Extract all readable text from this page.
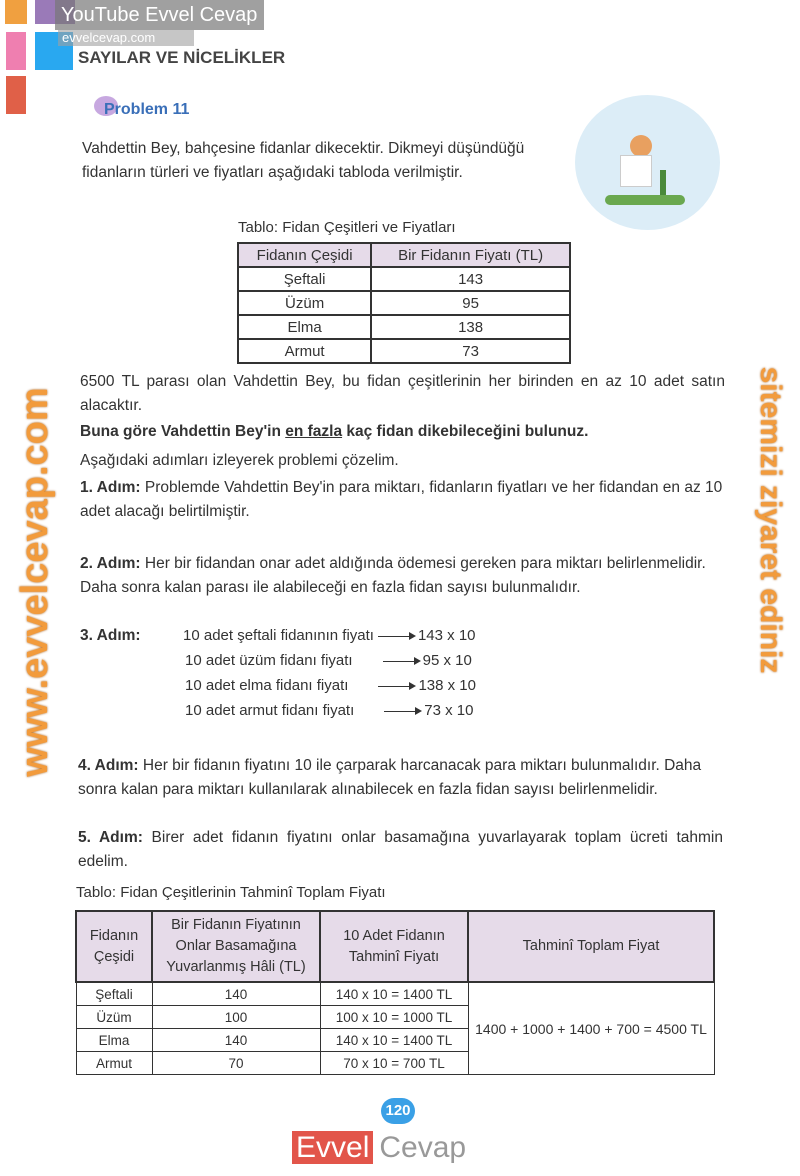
YouTube Evvel Cevap
evvelcevap.com
SAYILAR VE NİCELİKLER
Problem 11
Vahdettin Bey, bahçesine fidanlar dikecektir. Dikmeyi düşündüğü fidanların türleri ve fiyatları aşağıdaki tabloda verilmiştir.
Tablo: Fidan Çeşitleri ve Fiyatları
Fidanın Çeşidi	Bir Fidanın Fiyatı (TL)
Şeftali	143
Üzüm	95
Elma	138
Armut	73
6500 TL parası olan Vahdettin Bey, bu fidan çeşitlerinin her birinden en az 10 adet satın alacaktır.
Buna göre Vahdettin Bey'in en fazla kaç fidan dikebileceğini bulunuz.
Aşağıdaki adımları izleyerek problemi çözelim.
1. Adım: Problemde Vahdettin Bey'in para miktarı, fidanların fiyatları ve her fidandan en az 10 adet alacağı belirtilmiştir.
2. Adım: Her bir fidandan onar adet aldığında ödemesi gereken para miktarı belirlenmelidir. Daha sonra kalan parası ile alabileceği en fazla fidan sayısı bulunmalıdır.
3. Adım:	10 adet şeftali fidanının fiyatı	143 x 10
10 adet üzüm fidanı fiyatı	95 x 10
10 adet elma fidanı fiyatı	138 x 10
10 adet armut fidanı fiyatı	73 x 10
4. Adım: Her bir fidanın fiyatını 10 ile çarparak harcanacak para miktarı bulunmalıdır. Daha sonra kalan para miktarı kullanılarak alınabilecek en fazla fidan sayısı belirlenmelidir.
5. Adım: Birer adet fidanın fiyatını onlar basamağına yuvarlayarak toplam ücreti tahmin edelim.
Tablo: Fidan Çeşitlerinin Tahminî Toplam Fiyatı
Fidanın Çeşidi	Bir Fidanın Fiyatının Onlar Basamağına Yuvarlanmış Hâli (TL)	10 Adet Fidanın Tahminî Fiyatı	Tahminî Toplam Fiyat
Şeftali	140	140 x 10 = 1400 TL	1400 + 1000 + 1400 + 700 = 4500 TL
Üzüm	100	100 x 10 = 1000 TL	
Elma	140	140 x 10 = 1400 TL	
Armut	70	70 x 10 = 700 TL	
www.evvelcevap.com	sitemizi ziyaret ediniz
120
Evvel Cevap
